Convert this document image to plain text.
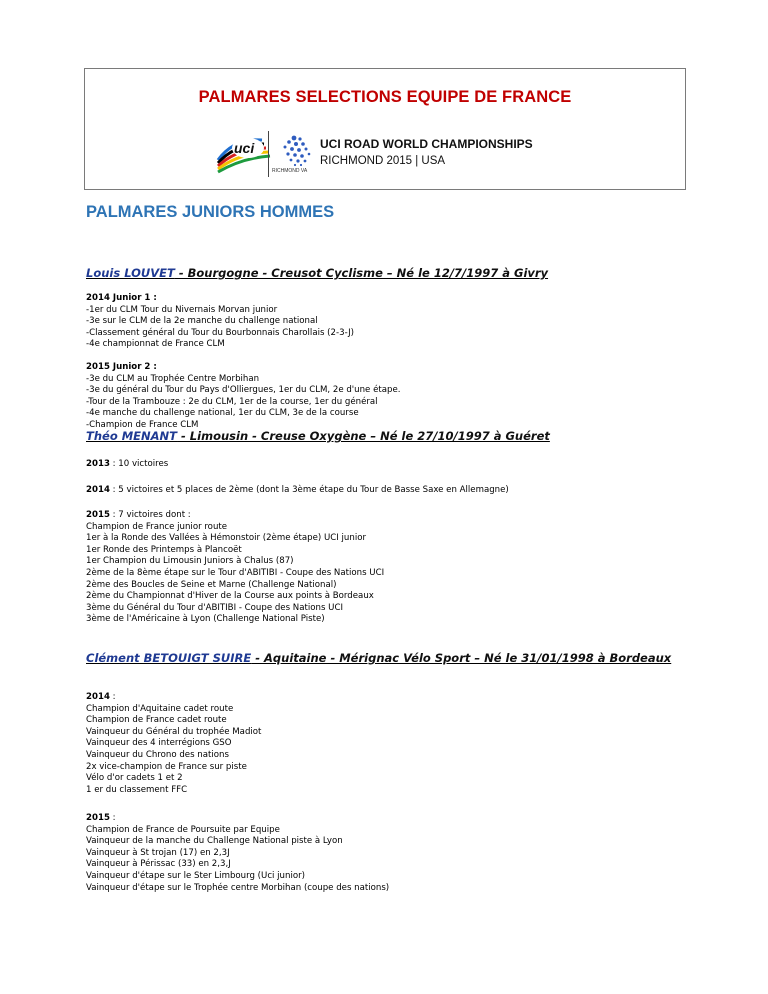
PALMARES SELECTIONS EQUIPE DE FRANCE
uci
RICHMOND VA
UCI ROAD WORLD CHAMPIONSHIPS
RICHMOND 2015 | USA
PALMARES JUNIORS HOMMES
Louis LOUVET - Bourgogne - Creusot Cyclisme – Né le 12/7/1997 à Givry
2014 Junior 1 :
-1er du CLM Tour du Nivernais Morvan junior
-3e sur le CLM de la 2e manche du challenge national
-Classement général du Tour du Bourbonnais Charollais (2-3-J)
-4e championnat de France CLM
2015 Junior 2 :
-3e du CLM au Trophée Centre Morbihan
-3e du général du Tour du Pays d'Olliergues, 1er du CLM, 2e d'une étape.
-Tour de la Trambouze : 2e du CLM, 1er de la course, 1er du général
-4e manche du challenge national, 1er du CLM, 3e de la course
-Champion de France CLM
Théo MENANT - Limousin - Creuse Oxygène – Né le 27/10/1997 à Guéret
2013 : 10 victoires
2014 : 5 victoires et 5 places de 2ème (dont la 3ème étape du Tour de Basse Saxe en Allemagne)
2015 : 7 victoires dont :
Champion de France junior route
1er à la Ronde des Vallées à Hémonstoir (2ème étape) UCI junior
1er Ronde des Printemps à Plancoët
1er Champion du Limousin Juniors à Chalus (87)
2ème de la 8ème étape sur le Tour d'ABITIBI - Coupe des Nations UCI
2ème des Boucles de Seine et Marne (Challenge National)
2ème du Championnat d'Hiver de la Course aux points à Bordeaux
3ème du Général du Tour d'ABITIBI - Coupe des Nations UCI
3ème de l'Américaine à Lyon (Challenge National Piste)
Clément BETOUIGT SUIRE - Aquitaine - Mérignac Vélo Sport – Né le 31/01/1998 à Bordeaux
2014 :
Champion d'Aquitaine cadet route
Champion de France cadet route
Vainqueur du Général du trophée Madiot
Vainqueur des 4 interrégions GSO
Vainqueur du Chrono des nations
2x vice-champion de France sur piste
Vélo d'or cadets 1 et 2
1 er du classement FFC
2015 :
Champion de France de Poursuite par Equipe
Vainqueur de la manche du Challenge National piste à Lyon
Vainqueur à St trojan (17) en 2,3J
Vainqueur à Périssac (33) en 2,3,J
Vainqueur d'étape sur le Ster Limbourg (Uci junior)
Vainqueur d'étape sur le Trophée centre Morbihan (coupe des nations)
